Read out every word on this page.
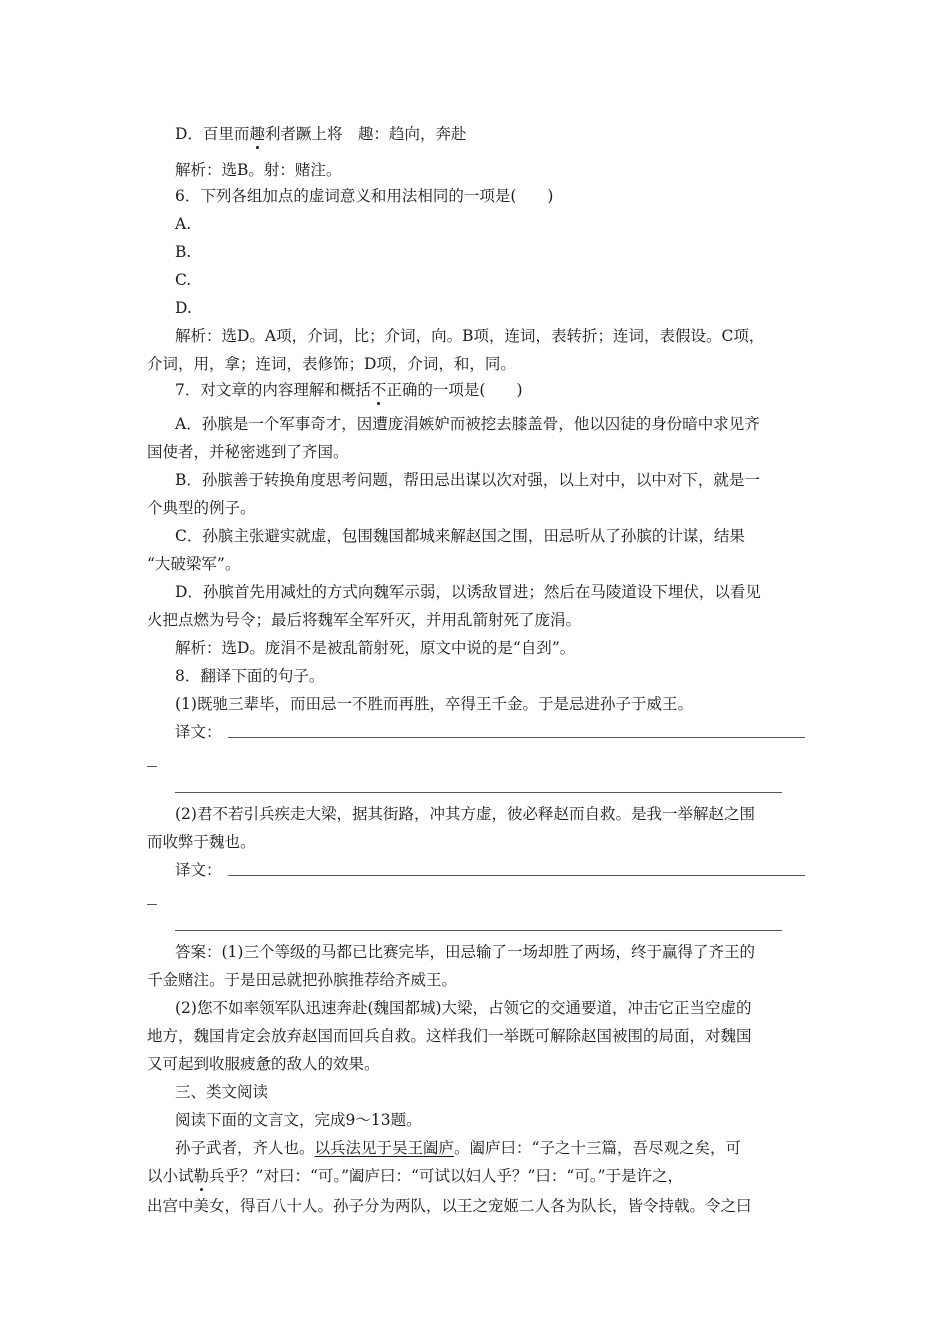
D．百里而趣利者蹶上将　趣：趋向，奔赴
解析：选B。射：赌注。
6．下列各组加点的虚词意义和用法相同的一项是(　　)
A.
B.
C.
D.
解析：选D。A项，介词，比；介词，向。B项，连词，表转折；连词，表假设。C项，
介词，用，拿；连词，表修饰；D项，介词，和，同。
7．对文章的内容理解和概括不正确的一项是(　　)
A．孙膑是一个军事奇才，因遭庞涓嫉妒而被挖去膝盖骨，他以囚徒的身份暗中求见齐
国使者，并秘密逃到了齐国。
B．孙膑善于转换角度思考问题，帮田忌出谋以次对强，以上对中，以中对下，就是一
个典型的例子。
C．孙膑主张避实就虚，包围魏国都城来解赵国之围，田忌听从了孙膑的计谋，结果
“大破梁军”。
D．孙膑首先用减灶的方式向魏军示弱，以诱敌冒进；然后在马陵道设下埋伏，以看见
火把点燃为号令；最后将魏军全军歼灭，并用乱箭射死了庞涓。
解析：选D。庞涓不是被乱箭射死，原文中说的是“自刭”。
8．翻译下面的句子。
(1)既驰三辈毕，而田忌一不胜而再胜，卒得王千金。于是忌进孙子于威王。
译文：
(2)君不若引兵疾走大梁，据其街路，冲其方虚，彼必释赵而自救。是我一举解赵之围
而收弊于魏也。
译文：
答案：(1)三个等级的马都已比赛完毕，田忌输了一场却胜了两场，终于赢得了齐王的
千金赌注。于是田忌就把孙膑推荐给齐威王。
(2)您不如率领军队迅速奔赴(魏国都城)大梁，占领它的交通要道，冲击它正当空虚的
地方，魏国肯定会放弃赵国而回兵自救。这样我们一举既可解除赵国被围的局面，对魏国
又可起到收服疲惫的敌人的效果。
三、类文阅读
阅读下面的文言文，完成9～13题。
孙子武者，齐人也。以兵法见于吴王阖庐。阖庐曰：“子之十三篇，吾尽观之矣，可
以小试勒兵乎？”对曰：“可。”阖庐曰：“可试以妇人乎？”曰：“可。”于是许之，
出宫中美女，得百八十人。孙子分为两队，以王之宠姬二人各为队长，皆令持戟。令之曰
